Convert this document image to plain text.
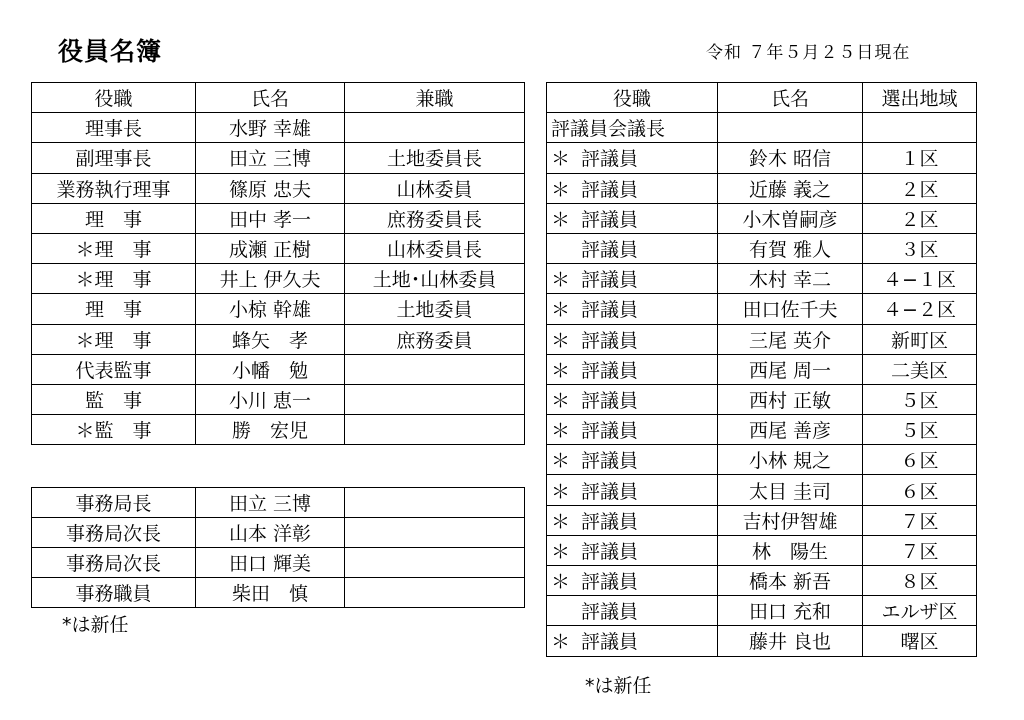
役員名簿	令和 ７年５月２５日現在
役職	氏名	兼職
理事長	水野 幸雄	
副理事長	田立 三博	土地委員長
業務執行理事	篠原 忠夫	山林委員
理　事	田中 孝一	庶務委員長
＊理　事	成瀬 正樹	山林委員長
＊理　事	井上 伊久夫	土地･山林委員
理　事	小椋 幹雄	土地委員
＊理　事	蜂矢　孝	庶務委員
代表監事	小幡　勉	
監　事	小川 恵一	
＊監　事	勝　宏児	
事務局長	田立 三博	
事務局次長	山本 洋彰	
事務局次長	田口 輝美	
事務職員	柴田　慎	
*は新任
役職	氏名	選出地域
評議員会議長		
＊ 評議員	鈴木 昭信	１区
＊ 評議員	近藤 義之	２区
＊ 評議員	小木曽嗣彦	２区
評議員	有賀 雅人	３区
＊ 評議員	木村 幸二	４−１区
＊ 評議員	田口佐千夫	４−２区
＊ 評議員	三尾 英介	新町区
＊ 評議員	西尾 周一	二美区
＊ 評議員	西村 正敏	５区
＊ 評議員	西尾 善彦	５区
＊ 評議員	小林 規之	６区
＊ 評議員	太目 圭司	６区
＊ 評議員	吉村伊智雄	７区
＊ 評議員	林　陽生	７区
＊ 評議員	橋本 新吾	８区
評議員	田口 充和	エルザ区
＊ 評議員	藤井 良也	曙区
*は新任
